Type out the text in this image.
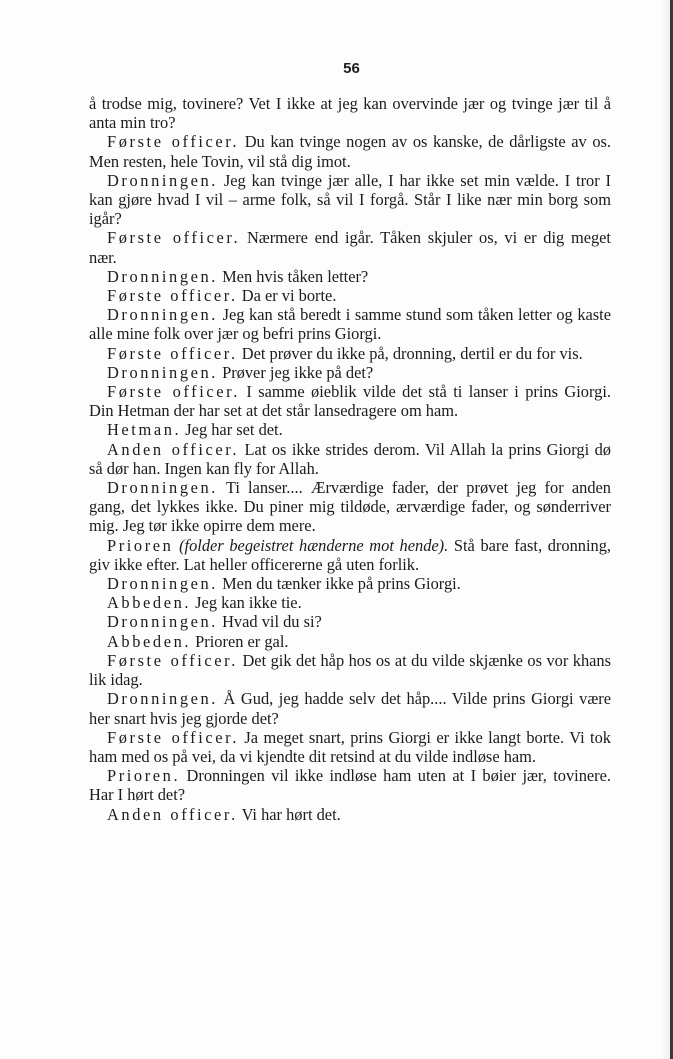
56

å trodse mig, tovinere? Vet I ikke at jeg kan overvinde jær og tvinge jær til å anta min tro?

Første officer. Du kan tvinge nogen av os kanske, de dårligste av os. Men resten, hele Tovin, vil stå dig imot.

Dronningen. Jeg kan tvinge jær alle, I har ikke set min vælde. I tror I kan gjøre hvad I vil – arme folk, så vil I forgå. Står I like nær min borg som igår?

Første officer. Nærmere end igår. Tåken skjuler os, vi er dig meget nær.

Dronningen. Men hvis tåken letter?

Første officer. Da er vi borte.

Dronningen. Jeg kan stå beredt i samme stund som tåken letter og kaste alle mine folk over jær og befri prins Giorgi.

Første officer. Det prøver du ikke på, dronning, dertil er du for vis.

Dronningen. Prøver jeg ikke på det?

Første officer. I samme øieblik vilde det stå ti lanser i prins Giorgi. Din Hetman der har set at det står lansedragere om ham.

Hetman. Jeg har set det.

Anden officer. Lat os ikke strides derom. Vil Allah la prins Giorgi dø så dør han. Ingen kan fly for Allah.

Dronningen. Ti lanser.... Ærværdige fader, der prøvet jeg for anden gang, det lykkes ikke. Du piner mig tildøde, ærværdige fader, og sønderriver mig. Jeg tør ikke opirre dem mere.

Prioren (folder begeistret hænderne mot hende). Stå bare fast, dronning, giv ikke efter. Lat heller officererne gå uten forlik.

Dronningen. Men du tænker ikke på prins Giorgi.

Abbeden. Jeg kan ikke tie.

Dronningen. Hvad vil du si?

Abbeden. Prioren er gal.

Første officer. Det gik det håp hos os at du vilde skjænke os vor khans lik idag.

Dronningen. Å Gud, jeg hadde selv det håp.... Vilde prins Giorgi være her snart hvis jeg gjorde det?

Første officer. Ja meget snart, prins Giorgi er ikke langt borte. Vi tok ham med os på vei, da vi kjendte dit retsind at du vilde indløse ham.

Prioren. Dronningen vil ikke indløse ham uten at I bøier jær, tovinere. Har I hørt det?

Anden officer. Vi har hørt det.
